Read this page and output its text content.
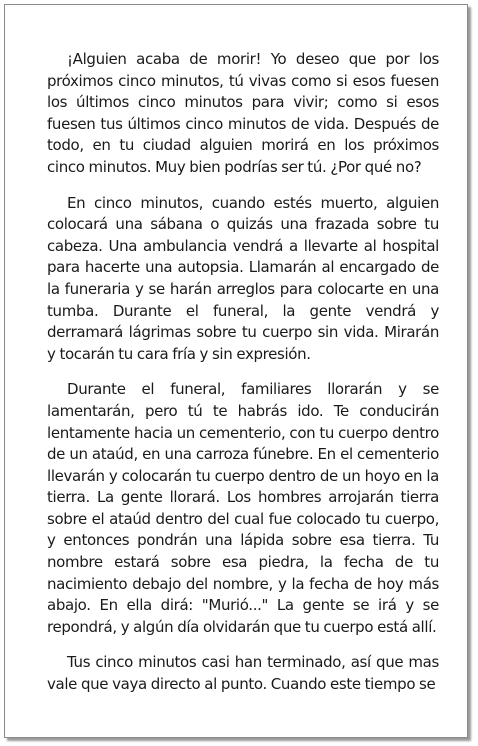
¡Alguien acaba de morir! Yo deseo que por los próximos cinco minutos, tú vivas como si esos fuesen los últimos cinco minutos para vivir; como si esos fuesen tus últimos cinco minutos de vida. Después de todo, en tu ciudad alguien morirá en los próximos cinco minutos. Muy bien podrías ser tú. ¿Por qué no?

En cinco minutos, cuando estés muerto, alguien colocará una sábana o quizás una frazada sobre tu cabeza. Una ambulancia vendrá a llevarte al hospital para hacerte una autopsia. Llamarán al encargado de la funeraria y se harán arreglos para colocarte en una tumba. Durante el funeral, la gente vendrá y derramará lágrimas sobre tu cuerpo sin vida. Mirarán y tocarán tu cara fría y sin expresión.

Durante el funeral, familiares llorarán y se lamentarán, pero tú te habrás ido. Te conducirán lentamente hacia un cementerio, con tu cuerpo dentro de un ataúd, en una carroza fúnebre. En el cementerio llevarán y colocarán tu cuerpo dentro de un hoyo en la tierra. La gente llorará. Los hombres arrojarán tierra sobre el ataúd dentro del cual fue colocado tu cuerpo, y entonces pondrán una lápida sobre esa tierra. Tu nombre estará sobre esa piedra, la fecha de tu nacimiento debajo del nombre, y la fecha de hoy más abajo. En ella dirá: "Murió..." La gente se irá y se repondrá, y algún día olvidarán que tu cuerpo está allí.

Tus cinco minutos casi han terminado, así que mas vale que vaya directo al punto. Cuando este tiempo se
